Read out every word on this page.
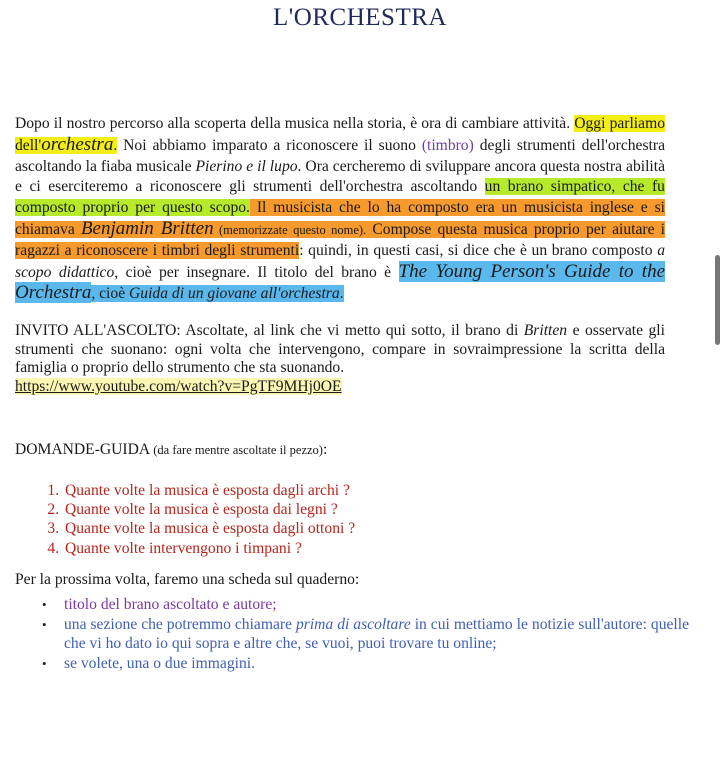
L'ORCHESTRA
Dopo il nostro percorso alla scoperta della musica nella storia, è ora di cambiare attività. Oggi parliamo dell'orchestra. Noi abbiamo imparato a riconoscere il suono (timbro) degli strumenti dell'orchestra ascoltando la fiaba musicale Pierino e il lupo. Ora cercheremo di sviluppare ancora questa nostra abilità e ci eserciteremo a riconoscere gli strumenti dell'orchestra ascoltando un brano simpatico, che fu composto proprio per questo scopo. Il musicista che lo ha composto era un musicista inglese e si chiamava Benjamin Britten (memorizzate questo nome). Compose questa musica proprio per aiutare i ragazzi a riconoscere i timbri degli strumenti: quindi, in questi casi, si dice che è un brano composto a scopo didattico, cioè per insegnare. Il titolo del brano è The Young Person's Guide to the Orchestra, cioè Guida di un giovane all'orchestra.
INVITO ALL'ASCOLTO: Ascoltate, al link che vi metto qui sotto, il brano di Britten e osservate gli strumenti che suonano: ogni volta che intervengono, compare in sovraimpressione la scritta della famiglia o proprio dello strumento che sta suonando.
https://www.youtube.com/watch?v=PgTF9MHj0OE
DOMANDE-GUIDA (da fare mentre ascoltate il pezzo):
1. Quante volte la musica è esposta dagli archi ?
2. Quante volte la musica è esposta dai legni ?
3. Quante volte la musica è esposta dagli ottoni ?
4. Quante volte intervengono i timpani ?
Per la prossima volta, faremo una scheda sul quaderno:
• titolo del brano ascoltato e autore;
• una sezione che potremmo chiamare prima di ascoltare in cui mettiamo le notizie sull'autore: quelle che vi ho dato io qui sopra e altre che, se vuoi, puoi trovare tu online;
• se volete, una o due immagini.
